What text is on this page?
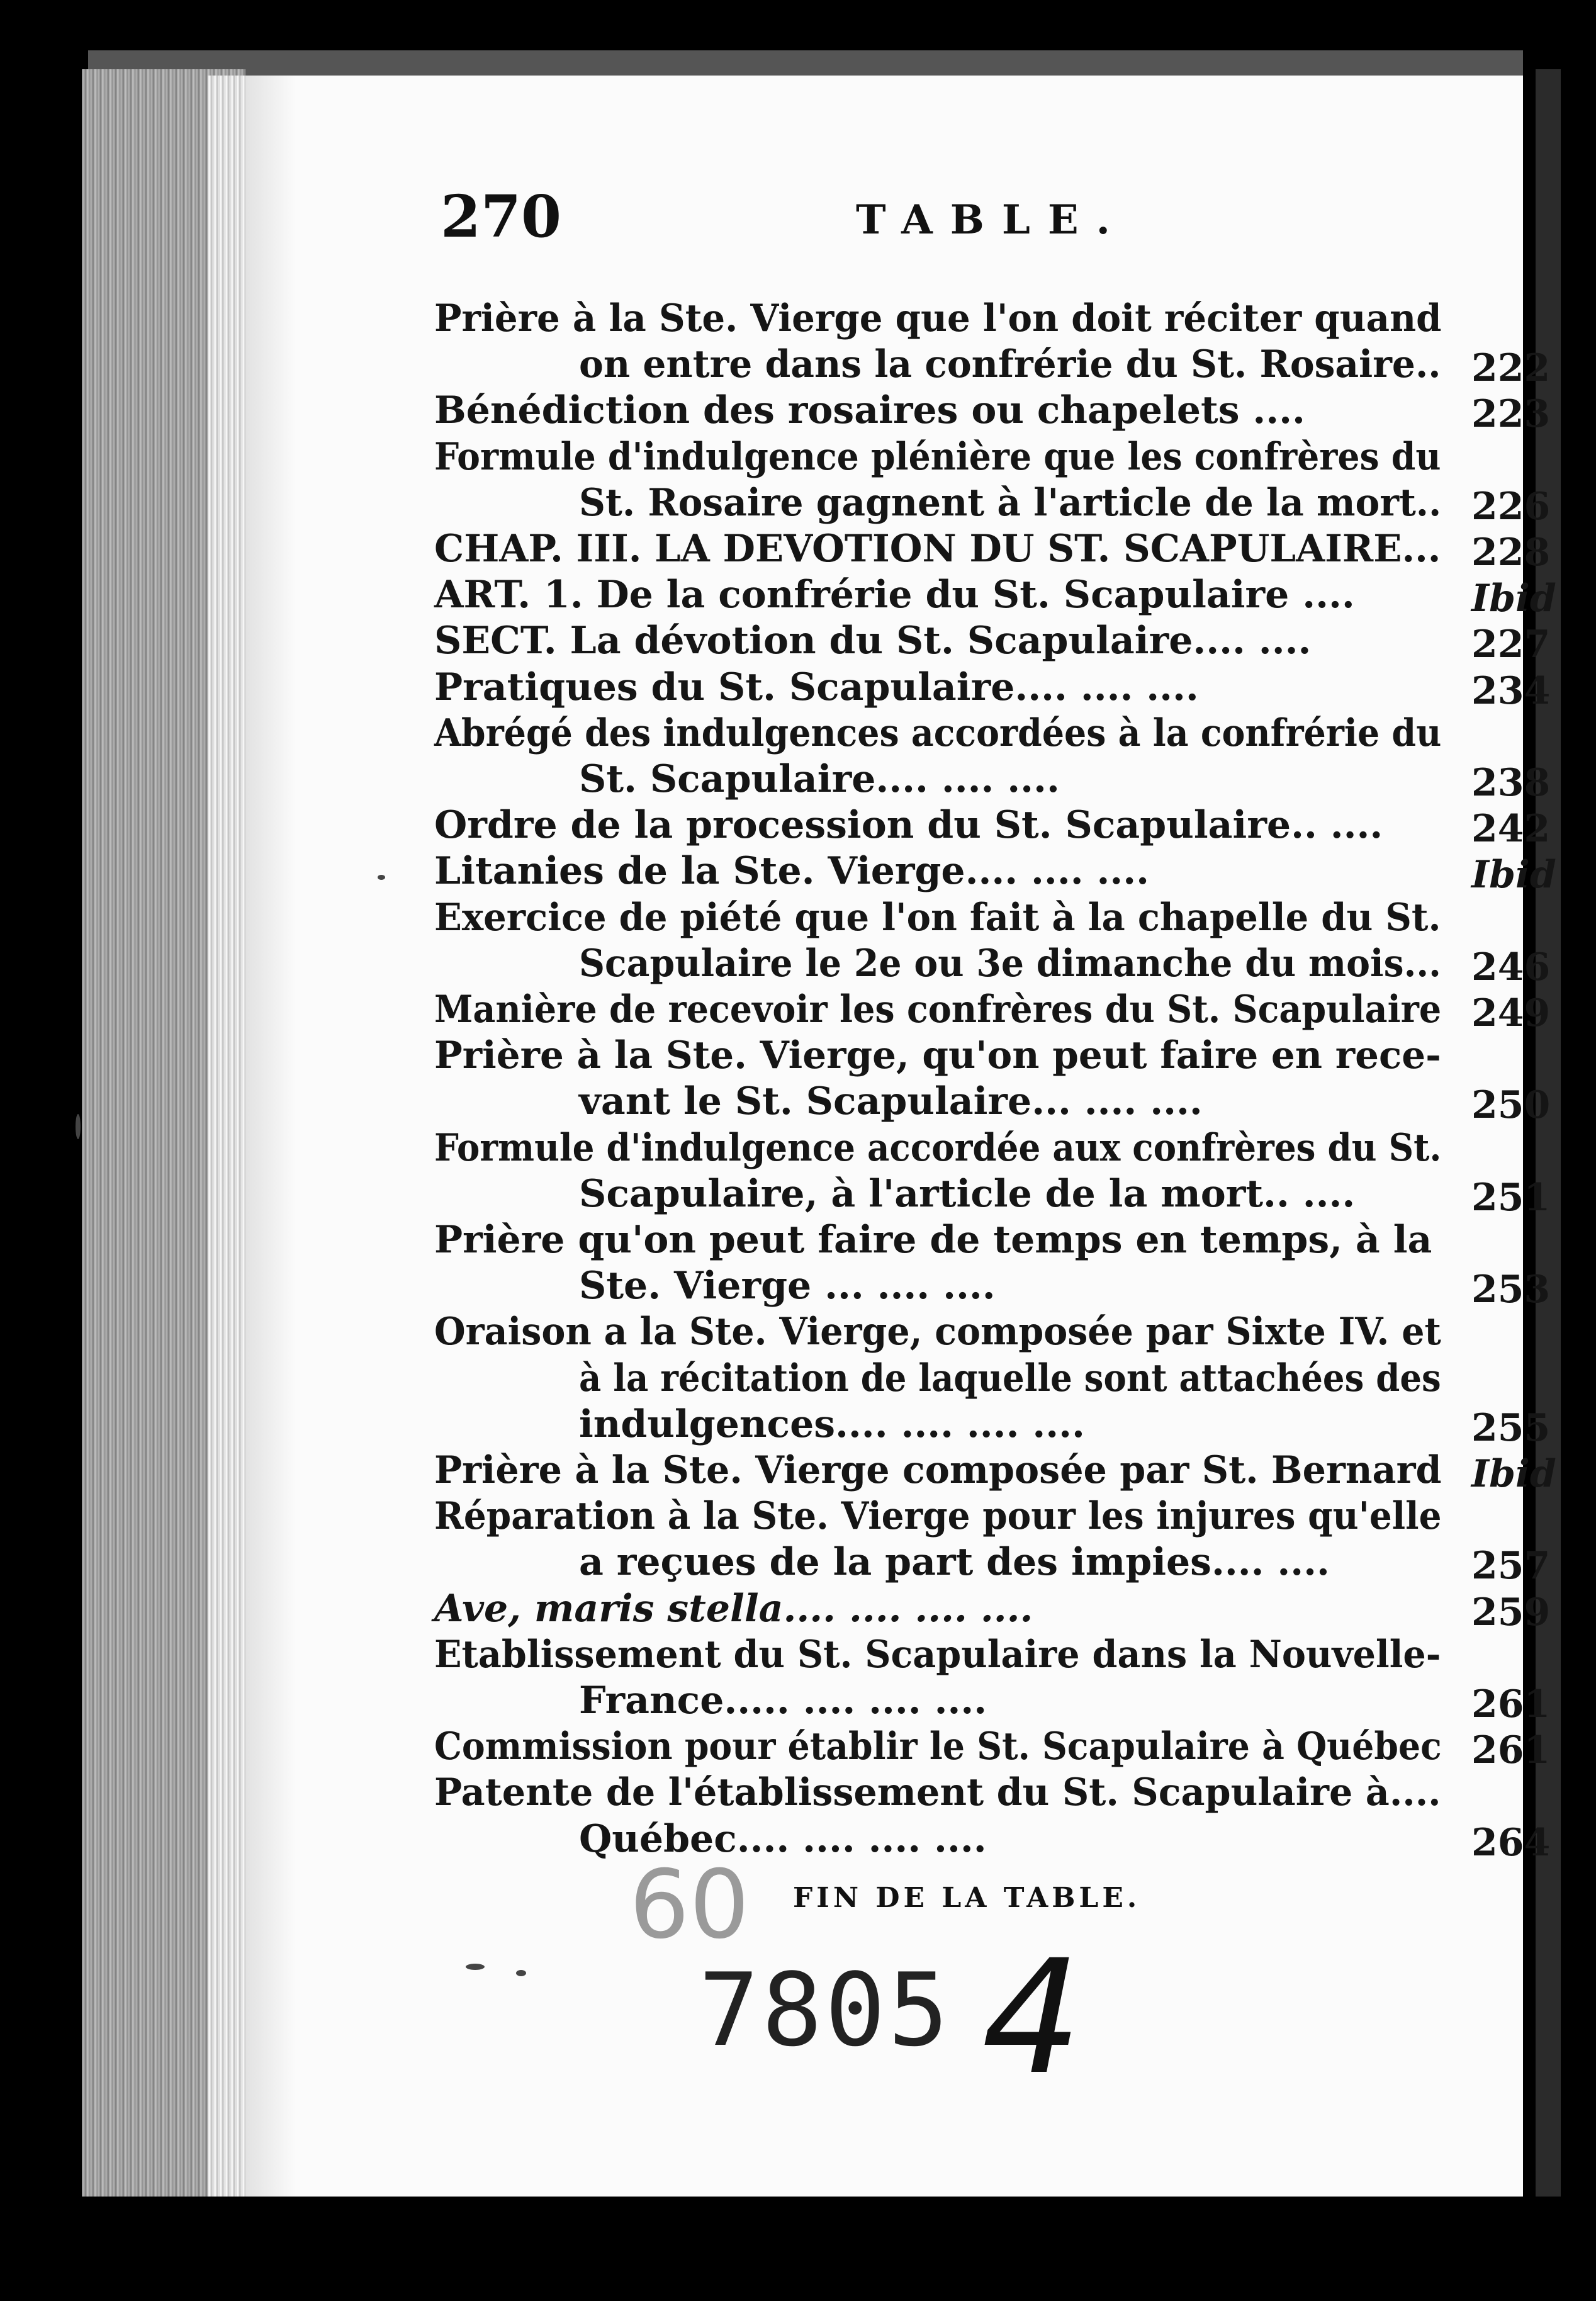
270	TABLE.
Prière à la Ste. Vierge que l'on doit réciter quand
on entre dans la confrérie du St. Rosaire.. 222
Bénédiction des rosaires ou chapelets ....	223
Formule d'indulgence plénière que les confrères du
St. Rosaire gagnent à l'article de la mort.. 226
CHAP. III. LA DEVOTION DU ST. SCAPULAIRE... 228
ART. 1. De la confrérie du St. Scapulaire ....	Ibid
SECT. La dévotion du St. Scapulaire.... ....	227
Pratiques du St. Scapulaire.... .... ....	234
Abrégé des indulgences accordées à la confrérie du
St. Scapulaire.... .... ....	238
Ordre de la procession du St. Scapulaire.. .... 242
Litanies de la Ste. Vierge.... .... ....	Ibid
Exercice de piété que l'on fait à la chapelle du St.
Scapulaire le 2e ou 3e dimanche du mois... 246
Manière de recevoir les confrères du St. Scapulaire 249
Prière à la Ste. Vierge, qu'on peut faire en rece-
vant le St. Scapulaire... .... ....	250
Formule d'indulgence accordée aux confrères du St.
Scapulaire, à l'article de la mort.. ....	251
Prière qu'on peut faire de temps en temps, à la
Ste. Vierge ... .... ....	253
Oraison a la Ste. Vierge, composée par Sixte IV. et
à la récitation de laquelle sont attachées des
indulgences.... .... .... ....	255
Prière à la Ste. Vierge composée par St. Bernard Ibid
Réparation à la Ste. Vierge pour les injures qu'elle
a reçues de la part des impies.... ....	257
Ave, maris stella.... .... .... ....	259
Etablissement du St. Scapulaire dans la Nouvelle-
France..... .... .... ....	261
Commission pour établir le St. Scapulaire à Québec 261
Patente de l'établissement du St. Scapulaire à....
Québec.... .... .... ....	264
60 FIN DE LA TABLE.
7805 4
